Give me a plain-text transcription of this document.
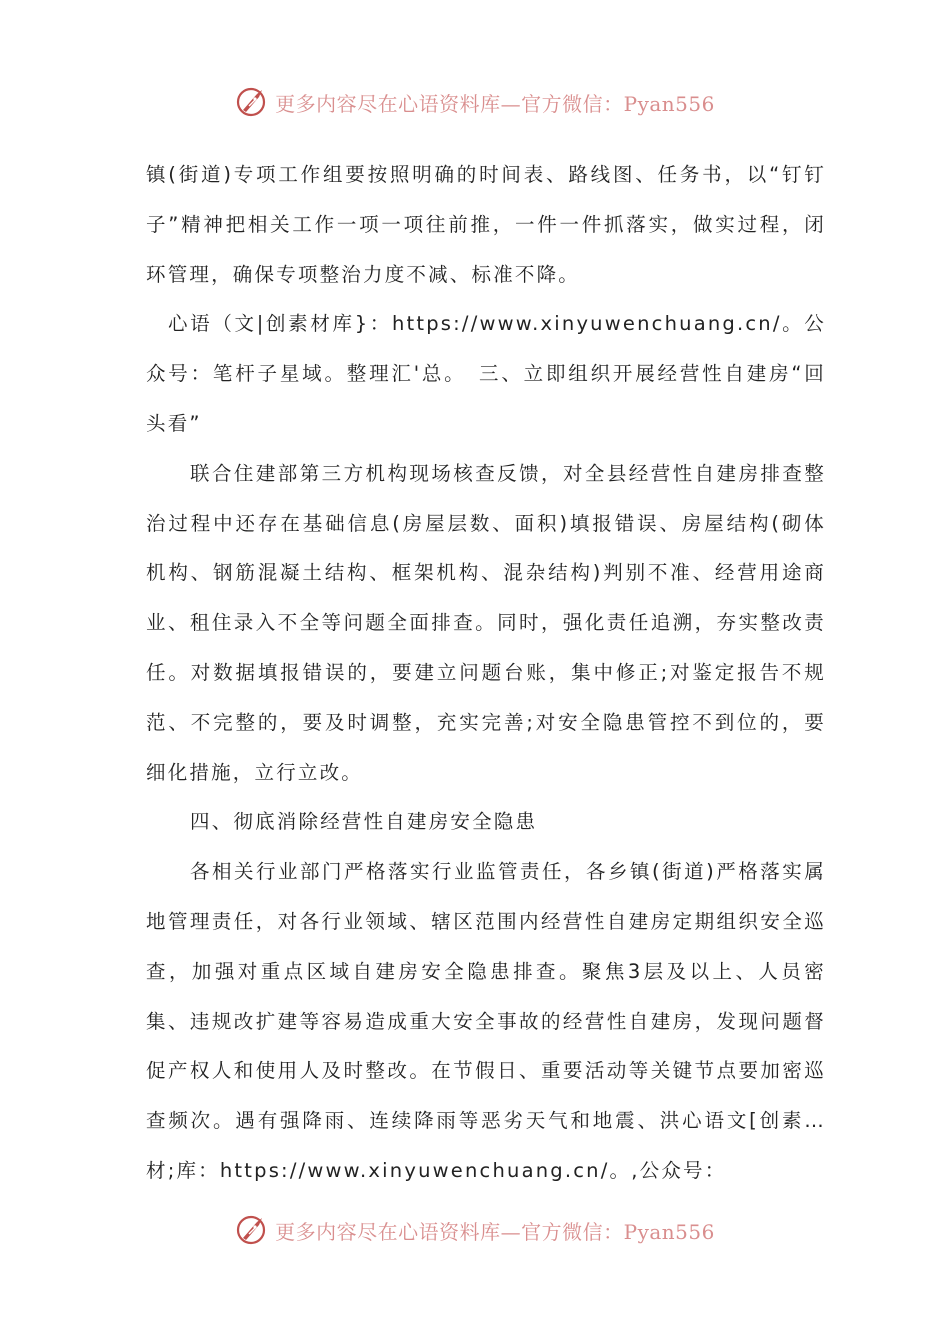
更多内容尽在心语资料库—官方微信：Pyan556

镇(街道)专项工作组要按照明确的时间表、路线图、任务书，以“钉钉子”精神把相关工作一项一项往前推，一件一件抓落实，做实过程，闭环管理，确保专项整治力度不减、标准不降。

心语（文|创素材库}：https://www.xinyuwenchuang.cn/。公众号：笔杆子星域。整理汇'总。　三、立即组织开展经营性自建房“回头看”

联合住建部第三方机构现场核查反馈，对全县经营性自建房排查整治过程中还存在基础信息(房屋层数、面积)填报错误、房屋结构(砌体机构、钢筋混凝土结构、框架机构、混杂结构)判别不准、经营用途商业、租住录入不全等问题全面排查。同时，强化责任追溯，夯实整改责任。对数据填报错误的，要建立问题台账，集中修正;对鉴定报告不规范、不完整的，要及时调整，充实完善;对安全隐患管控不到位的，要细化措施，立行立改。

四、彻底消除经营性自建房安全隐患

各相关行业部门严格落实行业监管责任，各乡镇(街道)严格落实属地管理责任，对各行业领域、辖区范围内经营性自建房定期组织安全巡查，加强对重点区域自建房安全隐患排查。聚焦3层及以上、人员密集、违规改扩建等容易造成重大安全事故的经营性自建房，发现问题督促产权人和使用人及时整改。在节假日、重要活动等关键节点要加密巡查频次。遇有强降雨、连续降雨等恶劣天气和地震、洪心语文[创素…材;库：https://www.xinyuwenchuang.cn/。,公众号：

更多内容尽在心语资料库—官方微信：Pyan556
